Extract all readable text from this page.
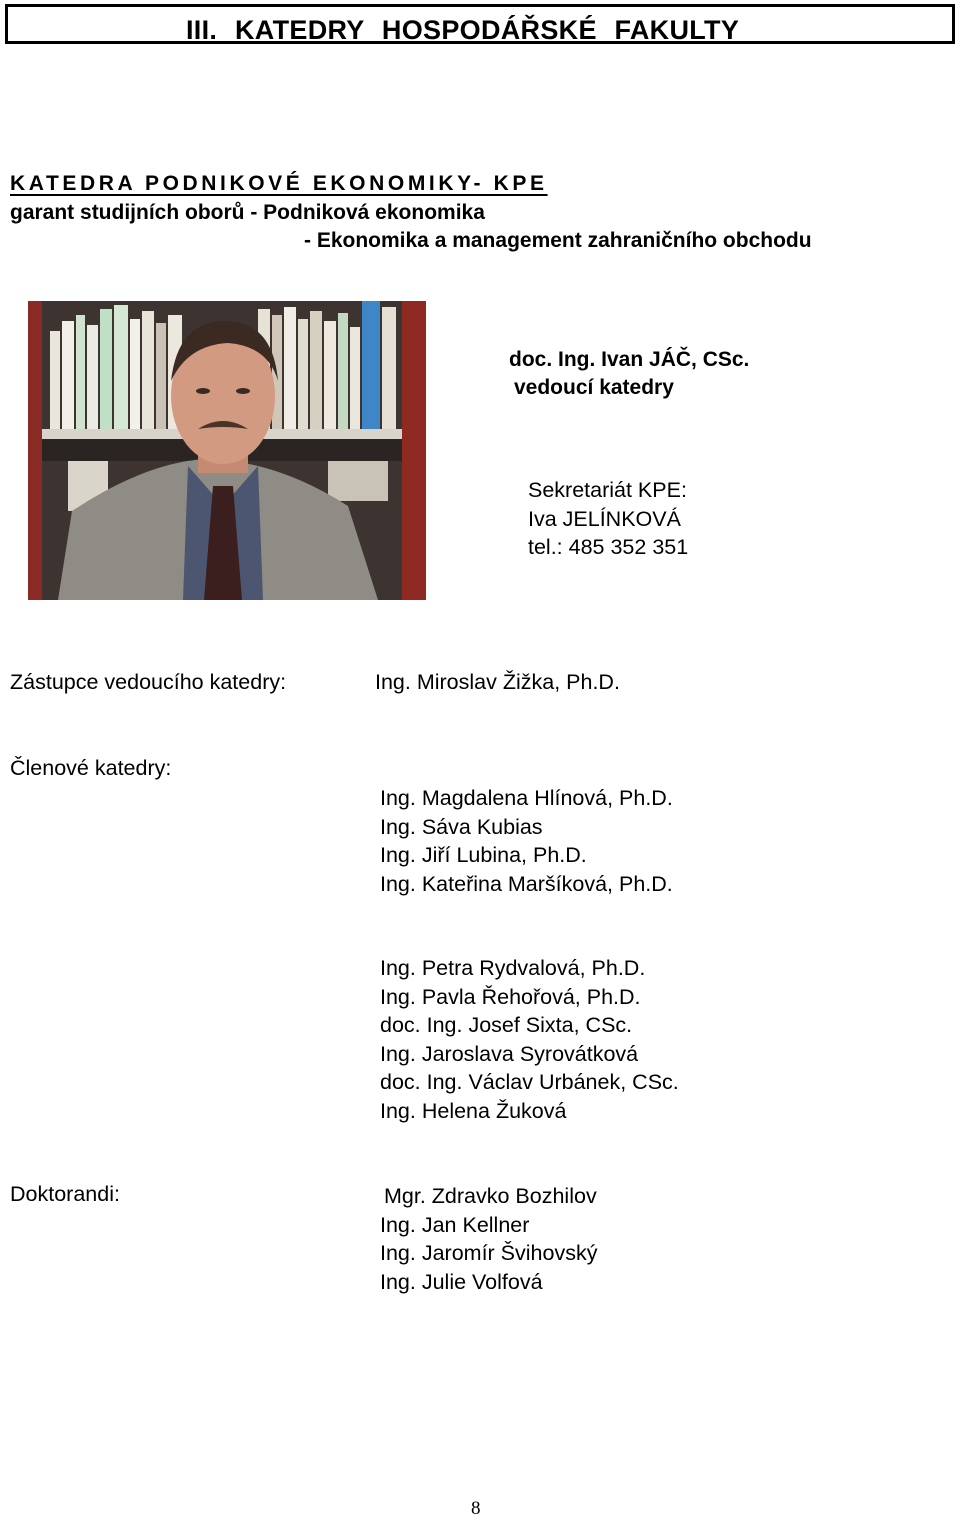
III. KATEDRY HOSPODÁŘSKÉ FAKULTY
KATEDRA PODNIKOVÉ EKONOMIKY- KPE
garant studijních oborů - Podniková ekonomika
- Ekonomika a management zahraničního obchodu
doc. Ing. Ivan JÁČ, CSc.
vedoucí katedry
Sekretariát KPE:
Iva JELÍNKOVÁ
tel.: 485 352 351
Zástupce vedoucího katedry:	Ing. Miroslav Žižka, Ph.D.
Členové katedry:
Ing. Magdalena Hlínová, Ph.D.
Ing. Sáva Kubias
Ing. Jiří Lubina, Ph.D.
Ing. Kateřina Maršíková, Ph.D.
Ing. Petra Rydvalová, Ph.D.
Ing. Pavla Řehořová, Ph.D.
doc. Ing. Josef Sixta, CSc.
Ing. Jaroslava Syrovátková
doc. Ing. Václav Urbánek, CSc.
Ing. Helena Žuková
Doktorandi:	Mgr. Zdravko Bozhilov
Ing. Jan Kellner
Ing. Jaromír Švihovský
Ing. Julie Volfová
8
